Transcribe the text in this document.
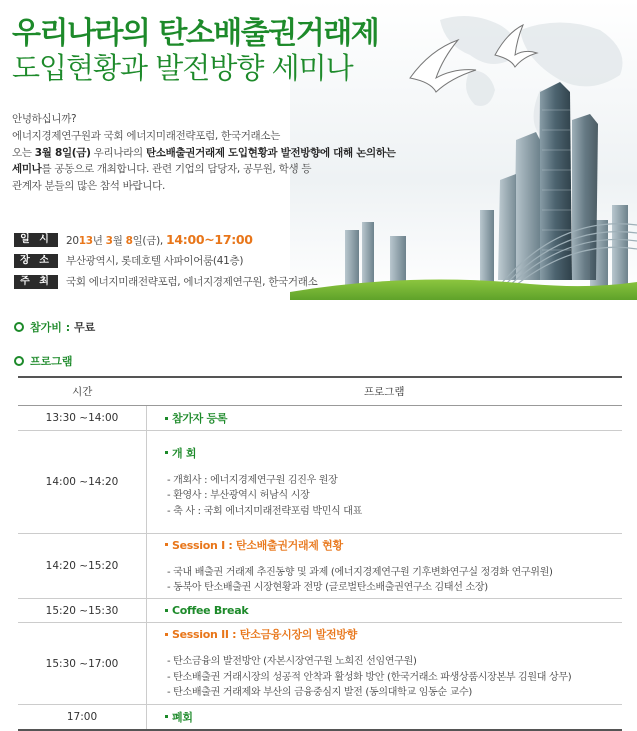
우리나라의 탄소배출권거래제
도입현황과 발전방향 세미나

안녕하십니까?

에너지경제연구원과 국회 에너지미래전략포럼, 한국거래소는

오는 3월 8일(금) 우리나라의 탄소배출권거래제 도입현황과 발전방향에 대해 논의하는

세미나를 공동으로 개최합니다. 관련 기업의 담당자, 공무원, 학생 등

관계자 분들의 많은 참석 바랍니다.

일 시	2013년 3월 8일(금), 14:00~17:00
장 소	부산광역시, 롯데호텔 사파이어룸(41층)
주 최	국회 에너지미래전략포럼, 에너지경제연구원, 한국거래소
참가비 : 무료
프로그램
시간	프로그램
13:30 ~14:00	참가자 등록

14:00 ~14:20	개 회
- 개회사 : 에너지경제연구원 김진우 원장
- 환영사 : 부산광역시 허남식 시장
- 축 사 : 국회 에너지미래전략포럼 박민식 대표

14:20 ~15:20	Session I : 탄소배출권거래제 현황
- 국내 배출권 거래제 추진동향 및 과제 (에너지경제연구원 기후변화연구실 정경화 연구위원)
- 동북아 탄소배출권 시장현황과 전망 (글로벌탄소배출권연구소 김태선 소장)

15:20 ~15:30	Coffee Break

15:30 ~17:00	Session II : 탄소금융시장의 발전방향
- 탄소금융의 발전방안 (자본시장연구원 노희진 선임연구원)
- 탄소배출권 거래시장의 성공적 안착과 활성화 방안 (한국거래소 파생상품시장본부 김원대 상무)
- 탄소배출권 거래제와 부산의 금융중심지 발전 (동의대학교 임동순 교수)

17:00	폐회
